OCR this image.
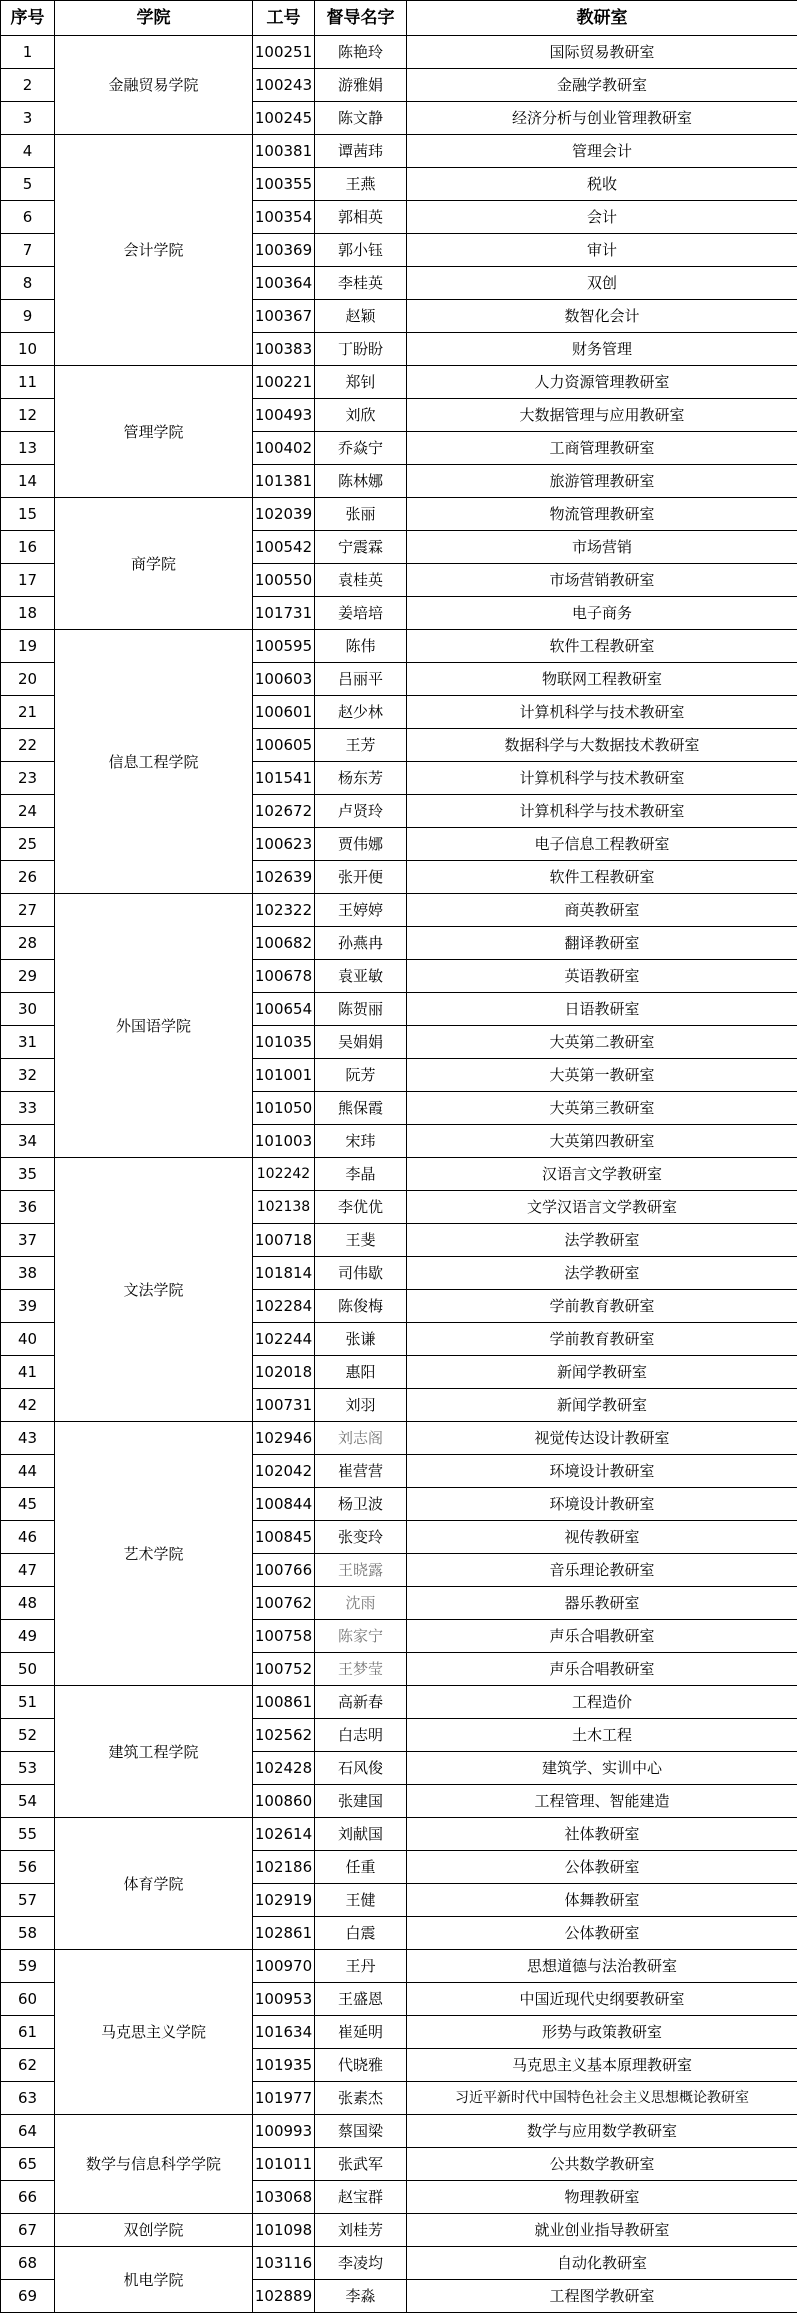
序号	学院	工号	督导名字	教研室
1	金融贸易学院	100251	陈艳玲	国际贸易教研室
2		100243	游雅娟	金融学教研室
3		100245	陈文静	经济分析与创业管理教研室
4	会计学院	100381	谭茜玮	管理会计
5		100355	王燕	税收
6		100354	郭相英	会计
7		100369	郭小钰	审计
8		100364	李桂英	双创
9		100367	赵颖	数智化会计
10		100383	丁盼盼	财务管理
11	管理学院	100221	郑钊	人力资源管理教研室
12		100493	刘欣	大数据管理与应用教研室
13		100402	乔焱宁	工商管理教研室
14		101381	陈林娜	旅游管理教研室
15	商学院	102039	张丽	物流管理教研室
16		100542	宁震霖	市场营销
17		100550	袁桂英	市场营销教研室
18		101731	姜培培	电子商务
19	信息工程学院	100595	陈伟	软件工程教研室
20		100603	吕丽平	物联网工程教研室
21		100601	赵少林	计算机科学与技术教研室
22		100605	王芳	数据科学与大数据技术教研室
23		101541	杨东芳	计算机科学与技术教研室
24		102672	卢贤玲	计算机科学与技术教研室
25		100623	贾伟娜	电子信息工程教研室
26		102639	张开便	软件工程教研室
27	外国语学院	102322	王婷婷	商英教研室
28		100682	孙燕冉	翻译教研室
29		100678	袁亚敏	英语教研室
30		100654	陈贺丽	日语教研室
31		101035	吴娟娟	大英第二教研室
32		101001	阮芳	大英第一教研室
33		101050	熊保霞	大英第三教研室
34		101003	宋玮	大英第四教研室
35	文法学院	102242	李晶	汉语言文学教研室
36		102138	李优优	文学汉语言文学教研室
37		100718	王斐	法学教研室
38		101814	司伟歇	法学教研室
39		102284	陈俊梅	学前教育教研室
40		102244	张谦	学前教育教研室
41		102018	惠阳	新闻学教研室
42		100731	刘羽	新闻学教研室
43	艺术学院	102946	刘志阁	视觉传达设计教研室
44		102042	崔营营	环境设计教研室
45		100844	杨卫波	环境设计教研室
46		100845	张变玲	视传教研室
47		100766	王晓露	音乐理论教研室
48		100762	沈雨	器乐教研室
49		100758	陈家宁	声乐合唱教研室
50		100752	王梦莹	声乐合唱教研室
51	建筑工程学院	100861	高新春	工程造价
52		102562	白志明	土木工程
53		102428	石风俊	建筑学、实训中心
54		100860	张建国	工程管理、智能建造
55	体育学院	102614	刘献国	社体教研室
56		102186	任重	公体教研室
57		102919	王健	体舞教研室
58		102861	白震	公体教研室
59	马克思主义学院	100970	王丹	思想道德与法治教研室
60		100953	王盛恩	中国近现代史纲要教研室
61		101634	崔延明	形势与政策教研室
62		101935	代晓雅	马克思主义基本原理教研室
63		101977	张素杰	习近平新时代中国特色社会主义思想概论教研室
64	数学与信息科学学院	100993	蔡国梁	数学与应用数学教研室
65		101011	张武军	公共数学教研室
66		103068	赵宝群	物理教研室
67	双创学院	101098	刘桂芳	就业创业指导教研室
68	机电学院	103116	李凌均	自动化教研室
69		102889	李淼	工程图学教研室
